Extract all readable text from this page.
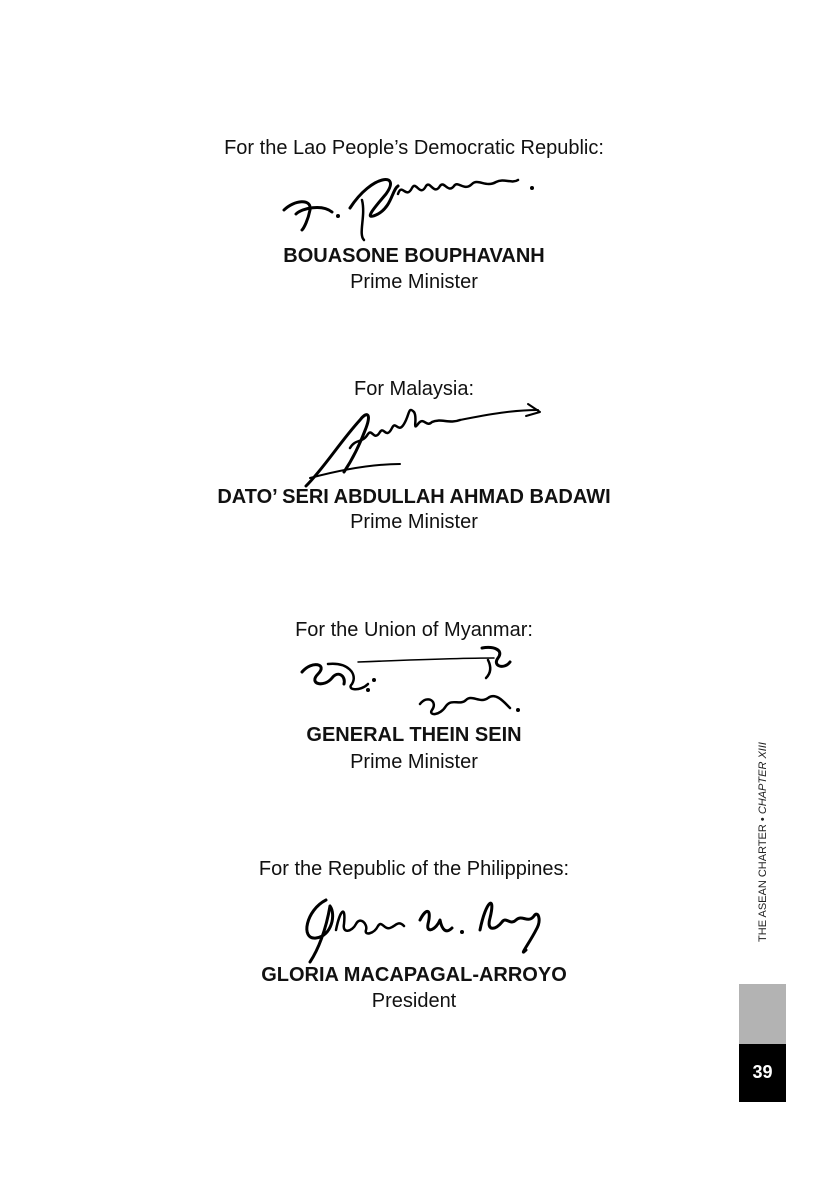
For the Lao People’s Democratic Republic:
BOUASONE BOUPHAVANH
Prime Minister
For Malaysia:
DATO’ SERI ABDULLAH AHMAD BADAWI
Prime Minister
For the Union of Myanmar:
GENERAL THEIN SEIN
Prime Minister
For the Republic of the Philippines:
GLORIA MACAPAGAL-ARROYO
President
THE ASEAN CHARTER • CHAPTER XIII
39
